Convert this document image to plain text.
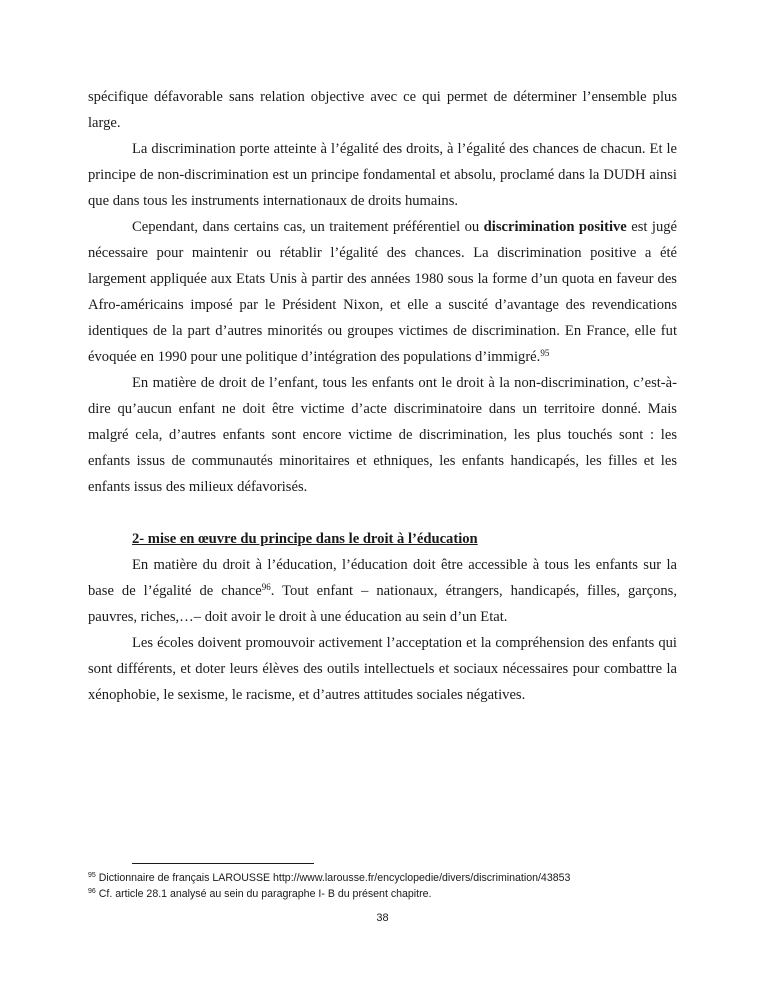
spécifique défavorable sans relation objective avec ce qui permet de déterminer l’ensemble plus large.

La discrimination porte atteinte à l’égalité des droits, à l’égalité des chances de chacun. Et le principe de non-discrimination est un principe fondamental et absolu, proclamé dans la DUDH ainsi que dans tous les instruments internationaux de droits humains.

Cependant, dans certains cas, un traitement préférentiel ou discrimination positive est jugé nécessaire pour maintenir ou rétablir l’égalité des chances. La discrimination positive a été largement appliquée aux Etats Unis à partir des années 1980 sous la forme d’un quota en faveur des Afro-américains imposé par le Président Nixon, et elle a suscité d’avantage des revendications identiques de la part d’autres minorités ou groupes victimes de discrimination. En France, elle fut évoquée en 1990 pour une politique d’intégration des populations d’immigré.$^{95}$

En matière de droit de l’enfant, tous les enfants ont le droit à la non-discrimination, c’est-à-dire qu’aucun enfant ne doit être victime d’acte discriminatoire dans un territoire donné. Mais malgré cela, d’autres enfants sont encore victime de discrimination, les plus touchés sont : les enfants issus de communautés minoritaires et ethniques, les enfants handicapés, les filles et les enfants issus des milieux défavorisés.

2- mise en œuvre du principe dans le droit à l’éducation

En matière du droit à l’éducation, l’éducation doit être accessible à tous les enfants sur la base de l’égalité de chance$^{96}$. Tout enfant – nationaux, étrangers, handicapés, filles, garçons, pauvres, riches,…– doit avoir le droit à une éducation au sein d’un Etat.

Les écoles doivent promouvoir activement l’acceptation et la compréhension des enfants qui sont différents, et doter leurs élèves des outils intellectuels et sociaux nécessaires pour combattre la xénophobie, le sexisme, le racisme, et d’autres attitudes sociales négatives.

$^{95}$ Dictionnaire de français LAROUSSE http://www.larousse.fr/encyclopedie/divers/discrimination/43853
$^{96}$ Cf. article 28.1 analysé au sein du paragraphe I- B du présent chapitre.
38
